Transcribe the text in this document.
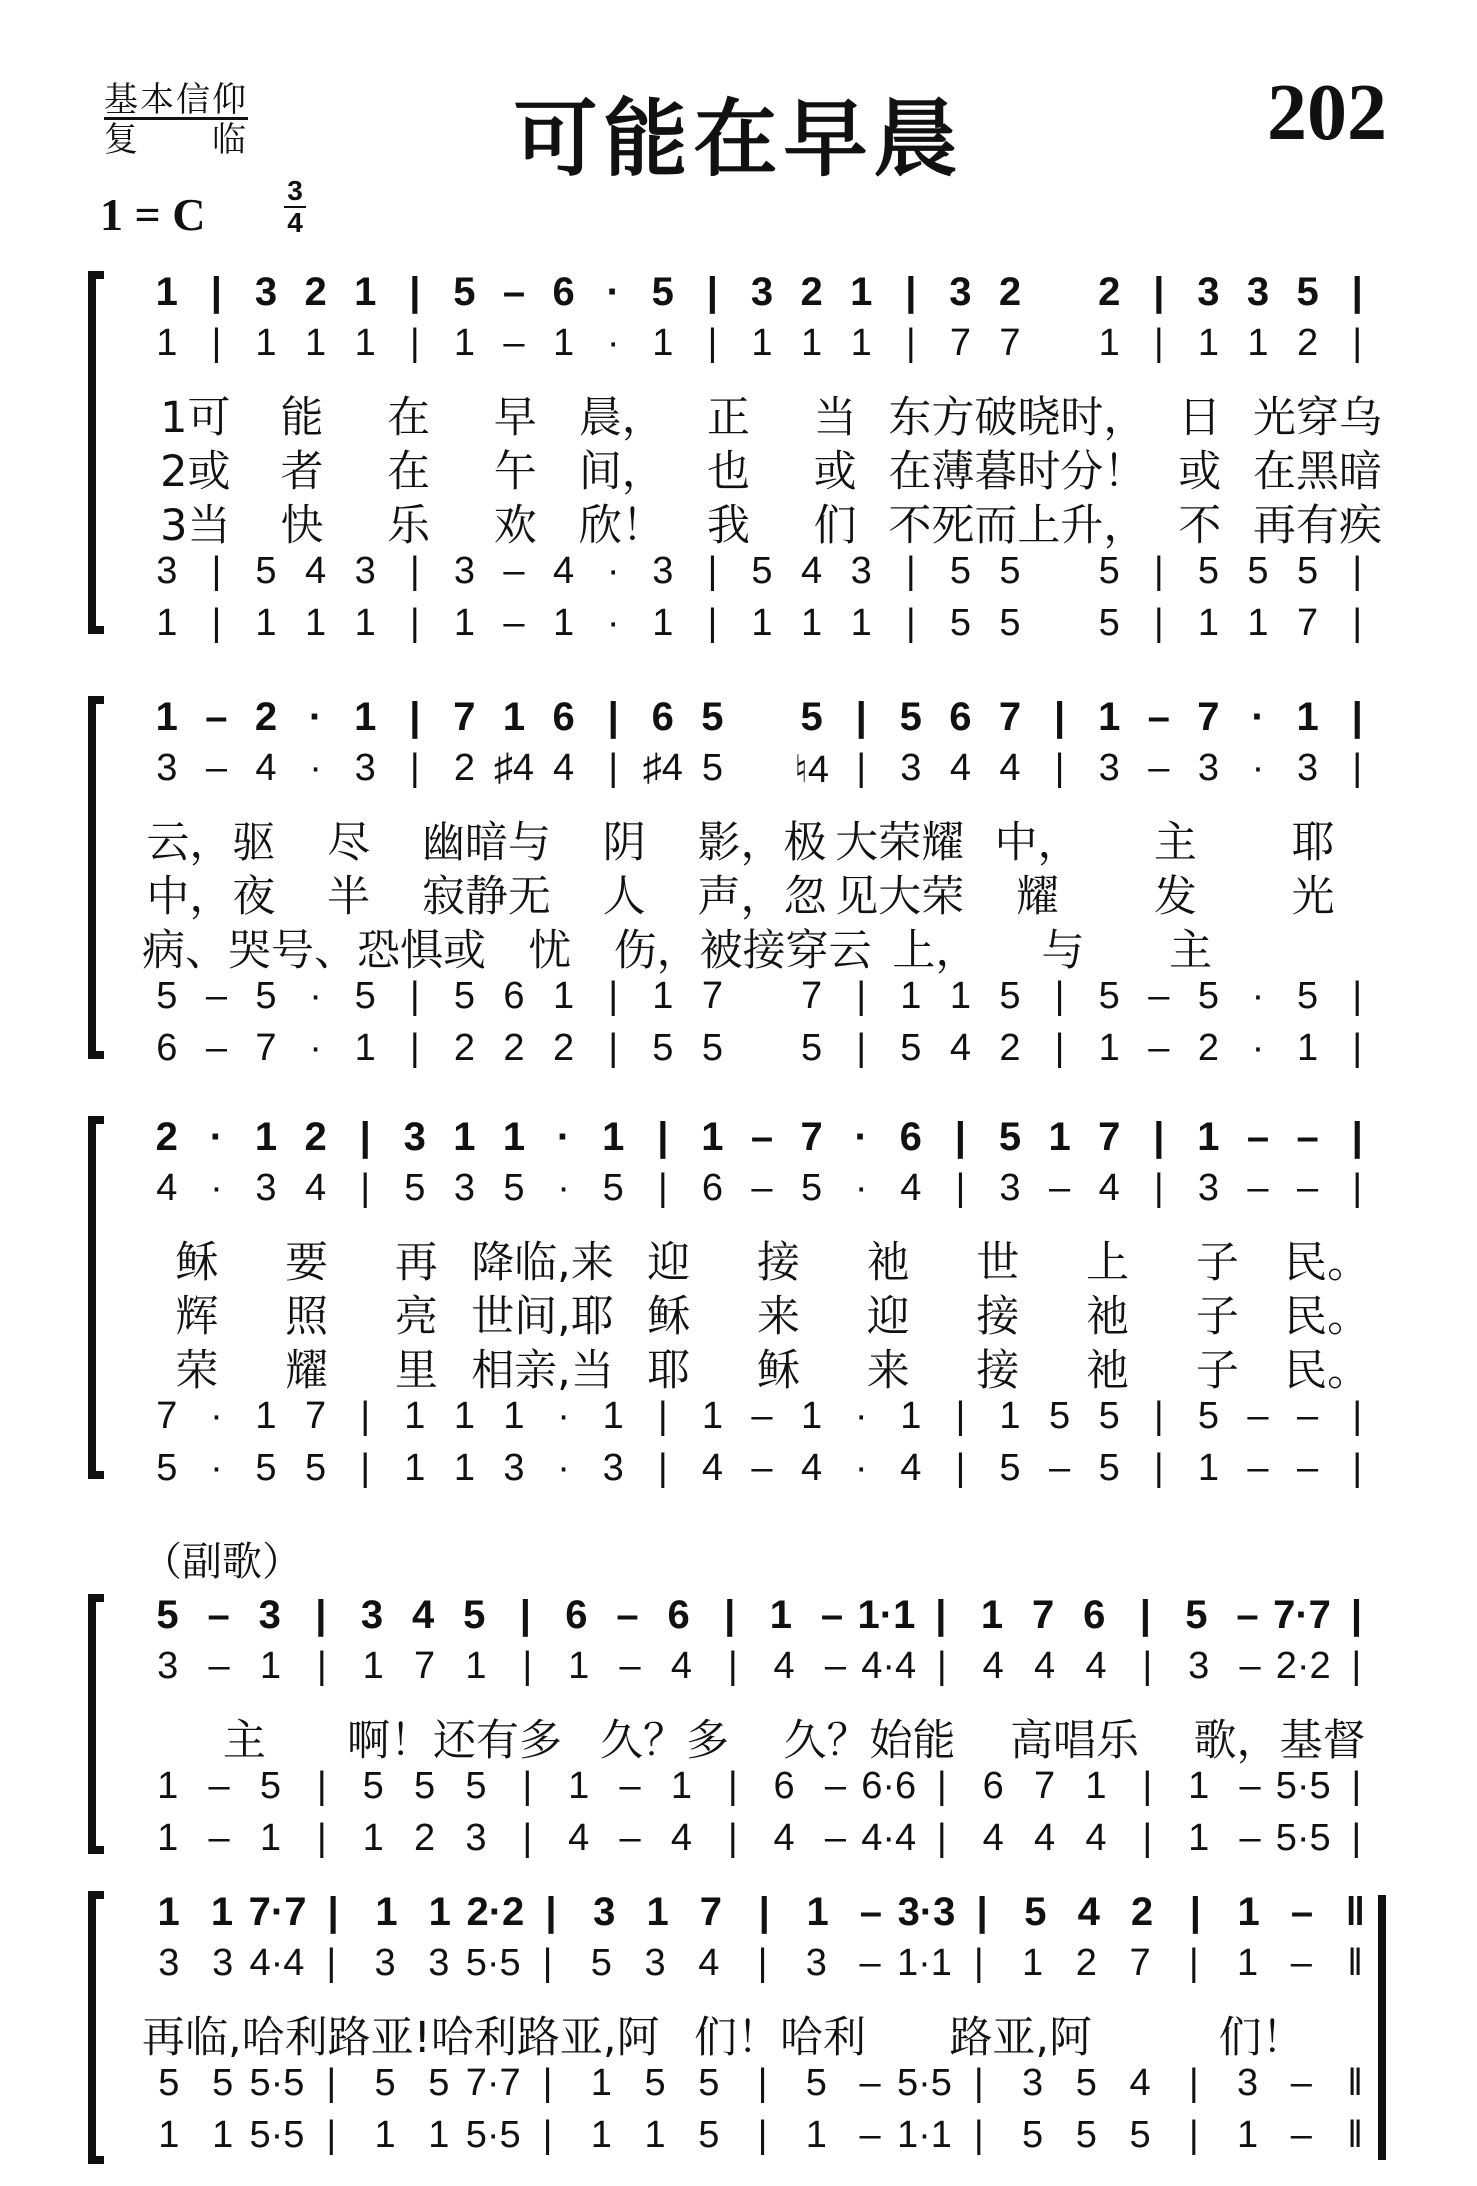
基本信仰
复　　临	可能在早晨	202
1 = C	3
4
（副歌）
1 | 3 2 1 | 5 – 6 · 5 | 3 2 1 | 3 2	2 | 3 3 5 |
1 | 1 1 1 | 1 – 1 · 1 | 1 1 1 | 7 7	1 | 1 1 2 |
1可	能	在	早 晨， 正	当 东方破 晓时， 日 光穿乌
2或	者	在	午 间， 也	或 在薄暮 时分！ 或 在黑暗
3当	快	乐	欢 欣！ 我	们 不死而 上升， 不 再有疾
3 | 5 4 3 | 3 – 4 · 3 | 5 4 3 | 5 5	5 | 5 5 5 |
1 | 1 1 1 | 1 – 1 · 1 | 1 1 1 | 5 5	5 | 1 1 7 |
1 – 2 · 1 | 7 1 6 | 6 5	5 | 5 6 7 | 1 – 7 · 1 |
3 – 4 · 3 | 2 ♯4 4 | ♯4 5	♮4 | 3 4 4 | 3 – 3 · 3 |
云，驱	尽	幽暗与	阴	影，极 大荣耀 中，	主	耶
中，夜	半	寂静无	人	声，忽 见大荣	耀	发	光
病、哭 号、恐惧或 忧 伤，被 接穿云 上，	与	主
5 – 5 · 5 | 5 6 1 | 1 7	7 | 1 1 5 | 5 – 5 · 5 |
6 – 7 · 1 | 2 2 2 | 5 5	5 | 5 4 2 | 1 – 2 · 1 |
2 · 1 2 | 3 1 1 · 1 | 1 – 7 · 6 | 5 1 7 | 1 – – |
4 · 3 4 | 5 3 5 · 5 | 6 – 5 · 4 | 3 – 4 | 3 – – |
稣	要	再 降临,来 迎	接	祂	世	上	子	民。
辉	照	亮 世间,耶 稣	来	迎	接	祂	子	民。
荣	耀	里 相亲,当 耶	稣	来	接	祂	子	民。
7 · 1 7 | 1 1 1 · 1 | 1 – 1 · 1 | 1 5 5 | 5 – – |
5 · 5 5 | 1 1 3 · 3 | 4 – 4 · 4 | 5 – 5 | 1 – – |
5 – 3 | 3 4 5 | 6 – 6 | 1 – 1·1 | 1 7 6 | 5 – 7·7 |
3 – 1 | 1 7 1 | 1 – 4 | 4 – 4·4 | 4 4 4 | 3 – 2·2 |
主	啊！还有多 久？多	久？始能	高唱乐	歌，基督
1 – 5 | 5 5 5 | 1 – 1 | 6 – 6·6 | 6 7 1 | 1 – 5·5 |
1 – 1 | 1 2 3 | 4 – 4 | 4 – 4·4 | 4 4 4 | 1 – 5·5 |
1 1 7·7 | 1 1 2·2 | 3 1 7 | 1 – 3·3 | 5 4 2 | 1 – ‖
3 3 4·4 |	3 3 5·5 |	5 3 4	|	3 – 1·1 |	1 2 7	|	1 – ‖
再临,哈利路亚!哈利路亚,阿 们！哈利	路亚,阿	们！
5 5 5·5 |	5 5 7·7 |	1 5 5	|	5 – 5·5 |	3 5 4	|	3 – ‖
1 1 5·5 |	1 1 5·5 |	1 1 5	|	1 – 1·1 |	5 5 5	|	1 – ‖
